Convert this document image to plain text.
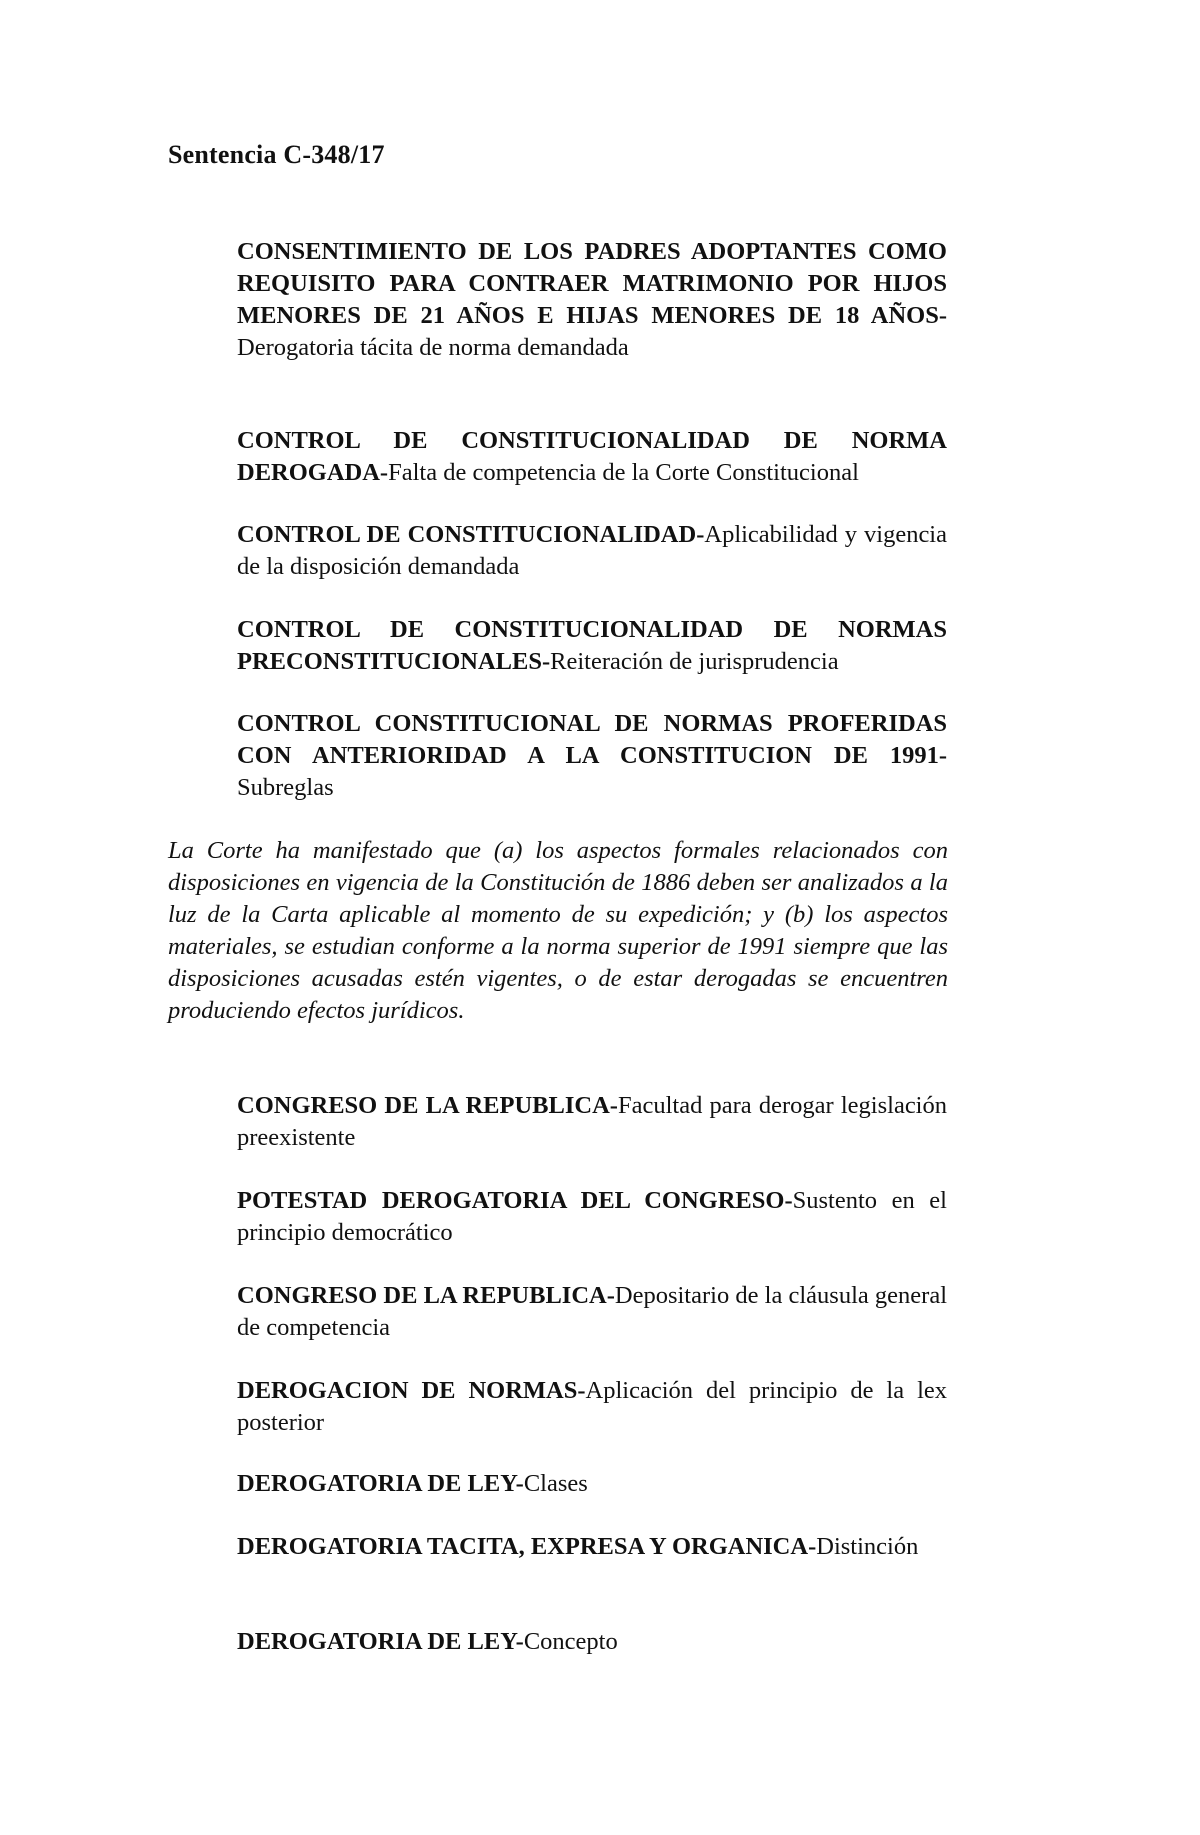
Sentencia C-348/17

CONSENTIMIENTO DE LOS PADRES ADOPTANTES COMO REQUISITO PARA CONTRAER MATRIMONIO POR HIJOS MENORES DE 21 AÑOS E HIJAS MENORES DE 18 AÑOS-Derogatoria tácita de norma demandada

CONTROL DE CONSTITUCIONALIDAD DE NORMA DEROGADA-Falta de competencia de la Corte Constitucional

CONTROL DE CONSTITUCIONALIDAD-Aplicabilidad y vigencia de la disposición demandada

CONTROL DE CONSTITUCIONALIDAD DE NORMAS PRECONSTITUCIONALES-Reiteración de jurisprudencia

CONTROL CONSTITUCIONAL DE NORMAS PROFERIDAS CON ANTERIORIDAD A LA CONSTITUCION DE 1991-Subreglas

La Corte ha manifestado que (a) los aspectos formales relacionados con disposiciones en vigencia de la Constitución de 1886 deben ser analizados a la luz de la Carta aplicable al momento de su expedición; y (b) los aspectos materiales, se estudian conforme a la norma superior de 1991 siempre que las disposiciones acusadas estén vigentes, o de estar derogadas se encuentren produciendo efectos jurídicos.

CONGRESO DE LA REPUBLICA-Facultad para derogar legislación preexistente

POTESTAD DEROGATORIA DEL CONGRESO-Sustento en el principio democrático

CONGRESO DE LA REPUBLICA-Depositario de la cláusula general de competencia

DEROGACION DE NORMAS-Aplicación del principio de la lex posterior

DEROGATORIA DE LEY-Clases

DEROGATORIA TACITA, EXPRESA Y ORGANICA-Distinción

DEROGATORIA DE LEY-Concepto
